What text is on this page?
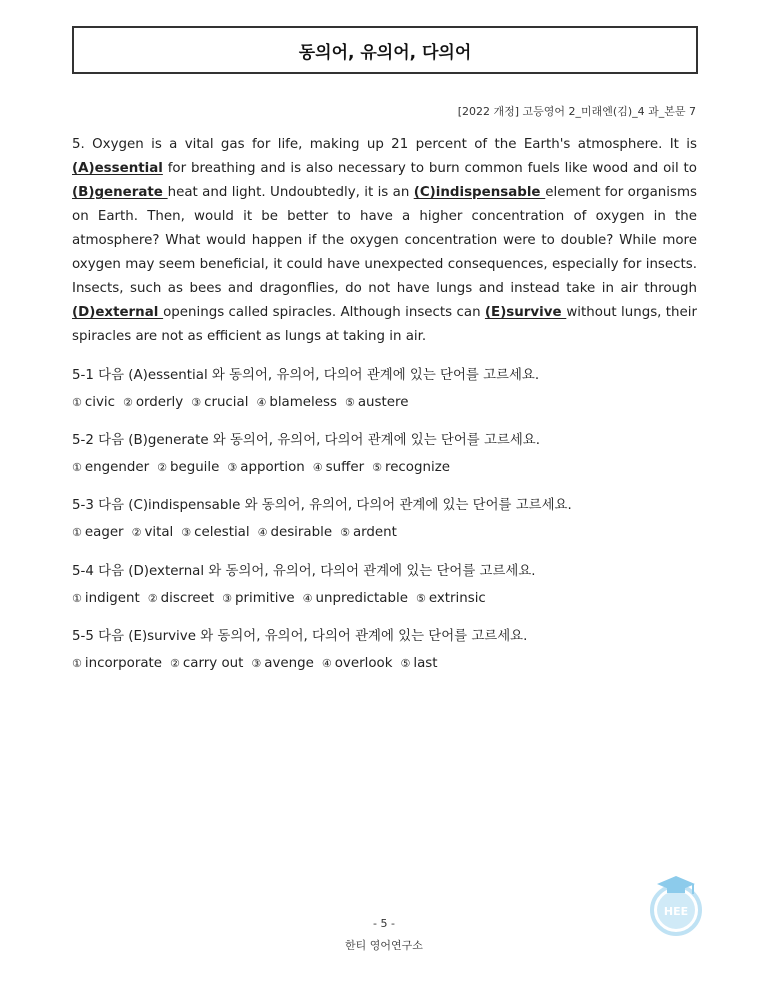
동의어, 유의어, 다의어
[2022 개정] 고등영어 2_미래엔(김)_4 과_본문 7
5. Oxygen is a vital gas for life, making up 21 percent of the Earth's atmosphere. It is (A)essential for breathing and is also necessary to burn common fuels like wood and oil to (B)generate heat and light. Undoubtedly, it is an (C)indispensable element for organisms on Earth. Then, would it be better to have a higher concentration of oxygen in the atmosphere? What would happen if the oxygen concentration were to double? While more oxygen may seem beneficial, it could have unexpected consequences, especially for insects. Insects, such as bees and dragonflies, do not have lungs and instead take in air through (D)external openings called spiracles. Although insects can (E)survive without lungs, their spiracles are not as efficient as lungs at taking in air.
5-1 다음 (A)essential 와 동의어, 유의어, 다의어 관계에 있는 단어를 고르세요.
① civic ② orderly ③ crucial ④ blameless ⑤ austere
5-2 다음 (B)generate 와 동의어, 유의어, 다의어 관계에 있는 단어를 고르세요.
① engender ② beguile ③ apportion ④ suffer ⑤ recognize
5-3 다음 (C)indispensable 와 동의어, 유의어, 다의어 관계에 있는 단어를 고르세요.
① eager ② vital ③ celestial ④ desirable ⑤ ardent
5-4 다음 (D)external 와 동의어, 유의어, 다의어 관계에 있는 단어를 고르세요.
① indigent ② discreet ③ primitive ④ unpredictable ⑤ extrinsic
5-5 다음 (E)survive 와 동의어, 유의어, 다의어 관계에 있는 단어를 고르세요.
① incorporate ② carry out ③ avenge ④ overlook ⑤ last
- 5 -
한티 영어연구소
HEE
